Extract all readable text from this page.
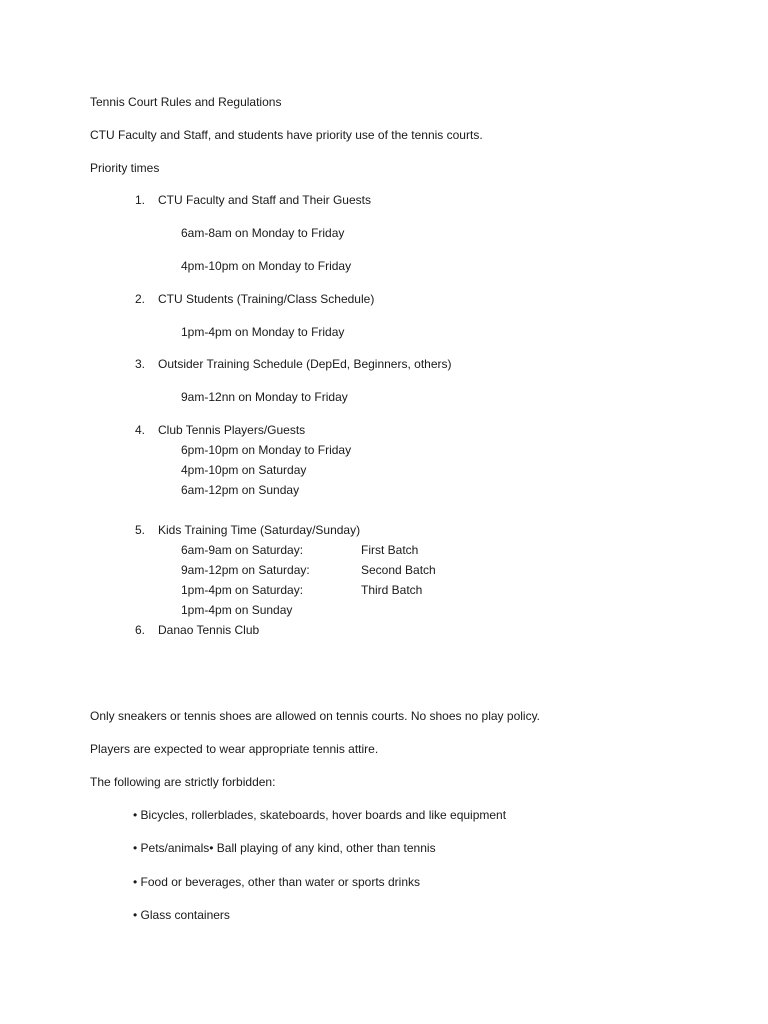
Tennis Court Rules and Regulations
CTU Faculty and Staff, and students have priority use of the tennis courts.
Priority times
1. CTU Faculty and Staff and Their Guests
6am-8am on Monday to Friday
4pm-10pm on Monday to Friday
2. CTU Students (Training/Class Schedule)
1pm-4pm on Monday to Friday
3. Outsider Training Schedule (DepEd, Beginners, others)
9am-12nn on Monday to Friday
4. Club Tennis Players/Guests
6pm-10pm on Monday to Friday
4pm-10pm on Saturday
6am-12pm on Sunday
5. Kids Training Time (Saturday/Sunday)
6am-9am on Saturday:	First Batch
9am-12pm on Saturday:	Second Batch
1pm-4pm on Saturday:	Third Batch
1pm-4pm on Sunday
6. Danao Tennis Club
Only sneakers or tennis shoes are allowed on tennis courts. No shoes no play policy.
Players are expected to wear appropriate tennis attire.
The following are strictly forbidden:
• Bicycles, rollerblades, skateboards, hover boards and like equipment
• Pets/animals• Ball playing of any kind, other than tennis
• Food or beverages, other than water or sports drinks
• Glass containers
